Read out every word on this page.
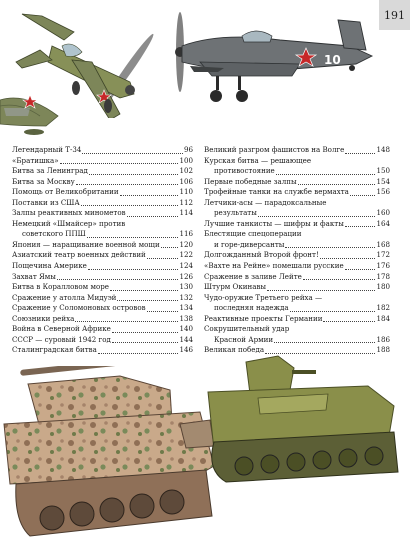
191
10
Легендарный Т-34	96
«Братишка»	100
Битва за Ленинград	102
Битва за Москву	106
Помощь от Великобритании	110
Поставки из США	112
Залпы реактивных минометов	114
Немецкий «Шмайсер» против
советского ППШ	116
Япония — наращивание военной мощи	120
Азиатский театр военных действий	122
Пощечина Америке	124
Захват Ямы	126
Битва в Коралловом море	130
Сражение у атолла Мидуэй	132
Сражение у Соломоновых островов	134
Союзники рейха	138
Война в Северной Африке	140
СССР — суровый 1942 год	144
Сталинградская битва	146
Великий разгром фашистов на Волге	148
Курская битва — решающее
противостояние	150
Первые победные залпы	154
Трофейные танки на службе вермахта	156
Летчики-асы — парадоксальные
результаты	160
Лучшие танкисты — шифры и факты	164
Блестящие спецоперации
и горе-диверсанты	168
Долгожданный Второй фронт!	172
«Вахте на Рейне» помешали русские	176
Сражение в заливе Лейте	178
Штурм Окинавы	180
Чудо-оружие Третьего рейха —
последняя надежда	182
Реактивные проекты Германии	184
Сокрушительный удар
Красной Армии	186
Великая победа	188
